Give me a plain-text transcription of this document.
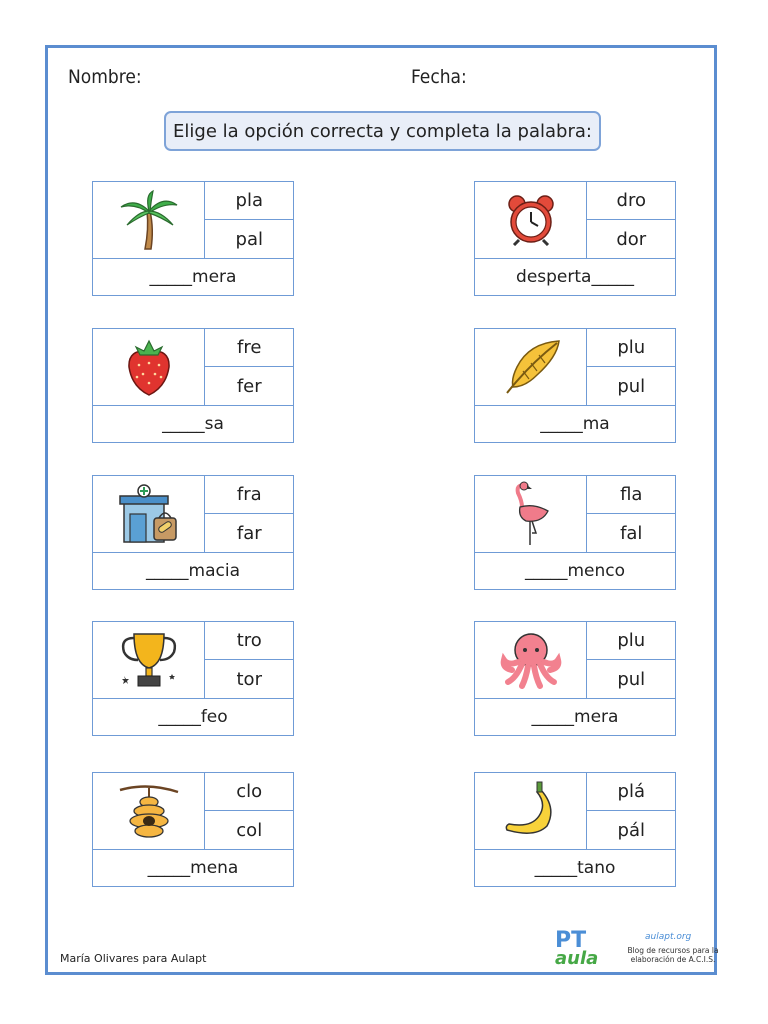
Nombre:	Fecha:
Elige la opción correcta y completa la palabra:
pla
pal
_____mera
dro
dor
desperta_____
fre
fer
_____sa
plu
pul
_____ma
fra
far
_____macia
fla
fal
_____menco
tro
tor
_____feo
plu
pul
_____mera
clo
col
_____mena
plá
pál
_____tano
María Olivares para Aulapt
PT
aula
aulapt.org
Blog de recursos para la elaboración de A.C.I.S.
